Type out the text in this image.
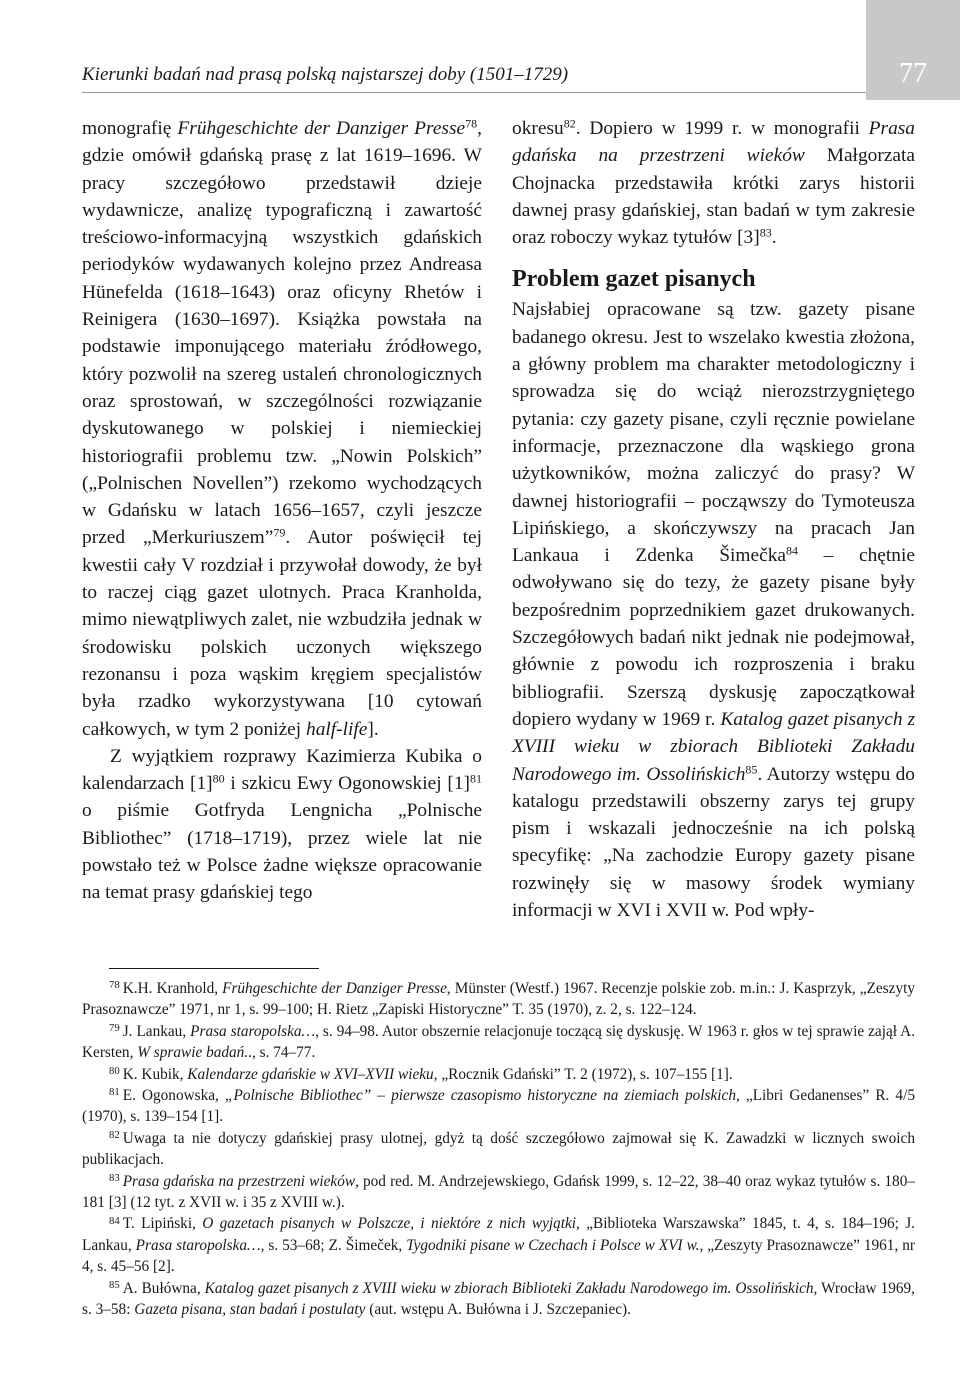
77
Kierunki badań nad prasą polską najstarszej doby (1501–1729)

monografię Frühgeschichte der Danziger Presse$^{78}$, gdzie omówił gdańską prasę z lat 1619–1696. W pracy szczegółowo przedstawił dzieje wydawnicze, analizę typograficzną i zawartość treściowo-informacyjną wszystkich gdańskich periodyków wydawanych kolejno przez Andreasa Hünefelda (1618–1643) oraz oficyny Rhetów i Reinigera (1630–1697). Książka powstała na podstawie imponującego materiału źródłowego, który pozwolił na szereg ustaleń chronologicznych oraz sprostowań, w szczególności rozwiązanie dyskutowanego w polskiej i niemieckiej historiografii problemu tzw. „Nowin Polskich” („Polnischen Novellen”) rzekomo wychodzących w Gdańsku w latach 1656–1657, czyli jeszcze przed „Merkuriuszem”$^{79}$. Autor poświęcił tej kwestii cały V rozdział i przywołał dowody, że był to raczej ciąg gazet ulotnych. Praca Kranholda, mimo niewątpliwych zalet, nie wzbudziła jednak w środowisku polskich uczonych większego rezonansu i poza wąskim kręgiem specjalistów była rzadko wykorzystywana [10 cytowań całkowych, w tym 2 poniżej half-life].

Z wyjątkiem rozprawy Kazimierza Kubika o kalendarzach $[1]^{80}$ i szkicu Ewy Ogonowskiej $[1]^{81}$ o piśmie Gotfryda Lengnicha „Polnische Bibliothec” (1718–1719), przez wiele lat nie powstało też w Polsce żadne większe opracowanie na temat prasy gdańskiej tego

okresu$^{82}$. Dopiero w 1999 r. w monografii Prasa gdańska na przestrzeni wieków Małgorzata Chojnacka przedstawiła krótki zarys historii dawnej prasy gdańskiej, stan badań w tym zakresie oraz roboczy wykaz tytułów $[3]^{83}$.

Problem gazet pisanych

Najsłabiej opracowane są tzw. gazety pisane badanego okresu. Jest to wszelako kwestia złożona, a główny problem ma charakter metodologiczny i sprowadza się do wciąż nierozstrzygniętego pytania: czy gazety pisane, czyli ręcznie powielane informacje, przeznaczone dla wąskiego grona użytkowników, można zaliczyć do prasy? W dawnej historiografii – począwszy do Tymoteusza Lipińskiego, a skończywszy na pracach Jan Lankaua i Zdenka Šimečka$^{84}$ – chętnie odwoływano się do tezy, że gazety pisane były bezpośrednim poprzednikiem gazet drukowanych. Szczegółowych badań nikt jednak nie podejmował, głównie z powodu ich rozproszenia i braku bibliografii. Szerszą dyskusję zapoczątkował dopiero wydany w 1969 r. Katalog gazet pisanych z XVIII wieku w zbiorach Biblioteki Zakładu Narodowego im. Ossolińskich$^{85}$. Autorzy wstępu do katalogu przedstawili obszerny zarys tej grupy pism i wskazali jednocześnie na ich polską specyfikę: „Na zachodzie Europy gazety pisane rozwinęły się w masowy środek wymiany informacji w XVI i XVII w. Pod wpły-

$^{78}$ K.H. Kranhold, Frühgeschichte der Danziger Presse, Münster (Westf.) 1967. Recenzje polskie zob. m.in.: J. Kasprzyk, „Zeszyty Prasoznawcze” 1971, nr 1, s. 99–100; H. Rietz „Zapiski Historyczne” T. 35 (1970), z. 2, s. 122–124.

$^{79}$ J. Lankau, Prasa staropolska…, s. 94–98. Autor obszernie relacjonuje toczącą się dyskusję. W 1963 r. głos w tej sprawie zajął A. Kersten, W sprawie badań.., s. 74–77.

$^{80}$ K. Kubik, Kalendarze gdańskie w XVI–XVII wieku, „Rocznik Gdański” T. 2 (1972), s. 107–155 [1].

$^{81}$ E. Ogonowska, „Polnische Bibliothec” – pierwsze czasopismo historyczne na ziemiach polskich, „Libri Gedanenses” R. 4/5 (1970), s. 139–154 [1].

$^{82}$ Uwaga ta nie dotyczy gdańskiej prasy ulotnej, gdyż tą dość szczegółowo zajmował się K. Zawadzki w licznych swoich publikacjach.

$^{83}$ Prasa gdańska na przestrzeni wieków, pod red. M. Andrzejewskiego, Gdańsk 1999, s. 12–22, 38–40 oraz wykaz tytułów s. 180–181 [3] (12 tyt. z XVII w. i 35 z XVIII w.).

$^{84}$ T. Lipiński, O gazetach pisanych w Polszcze, i niektóre z nich wyjątki, „Biblioteka Warszawska” 1845, t. 4, s. 184–196; J. Lankau, Prasa staropolska…, s. 53–68; Z. Šimeček, Tygodniki pisane w Czechach i Polsce w XVI w., „Zeszyty Prasoznawcze” 1961, nr 4, s. 45–56 [2].

$^{85}$ A. Bułówna, Katalog gazet pisanych z XVIII wieku w zbiorach Biblioteki Zakładu Narodowego im. Ossolińskich, Wrocław 1969, s. 3–58: Gazeta pisana, stan badań i postulaty (aut. wstępu A. Bułówna i J. Szczepaniec).
